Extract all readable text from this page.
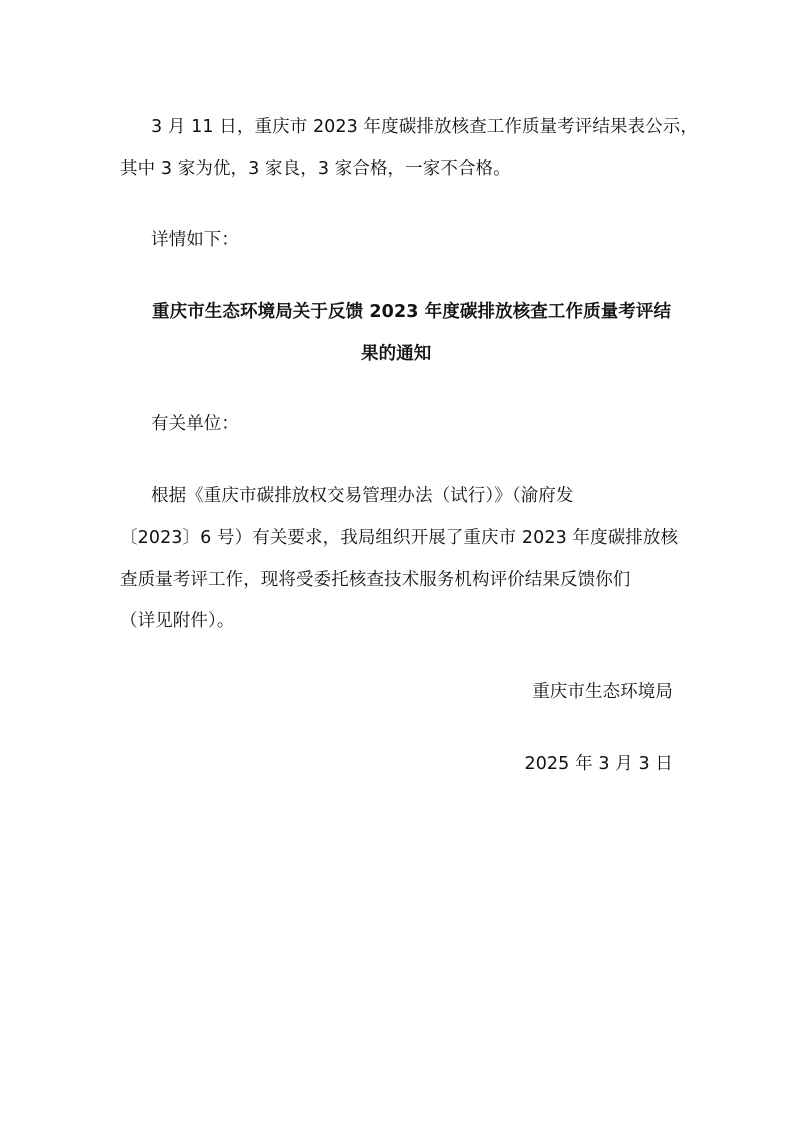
3 月 11 日，重庆市 2023 年度碳排放核查工作质量考评结果表公示，
其中 3 家为优，3 家良，3 家合格，一家不合格。
详情如下：
重庆市生态环境局关于反馈 2023 年度碳排放核查工作质量考评结
果的通知
有关单位：
根据《重庆市碳排放权交易管理办法（试行）》（渝府发
〔2023〕6 号）有关要求，我局组织开展了重庆市 2023 年度碳排放核
查质量考评工作，现将受委托核查技术服务机构评价结果反馈你们
（详见附件）。
重庆市生态环境局
2025 年 3 月 3 日
